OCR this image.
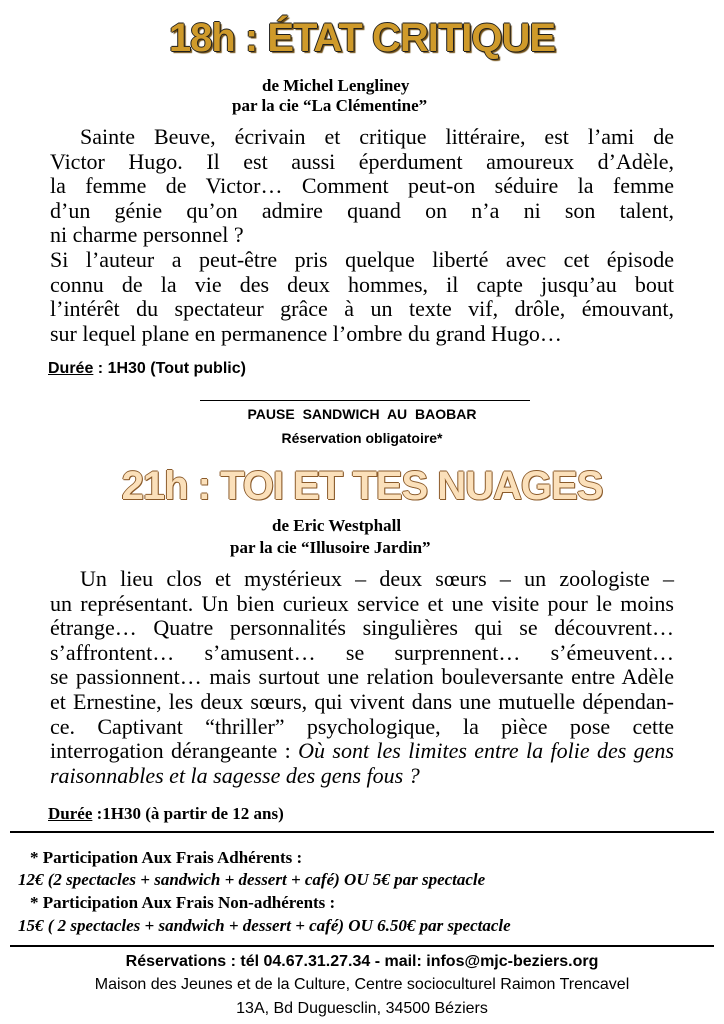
18h : ÉTAT CRITIQUE
de Michel Lengliney
par la cie “La Clémentine”
Sainte Beuve, écrivain et critique littéraire, est l’ami de
Victor Hugo. Il est aussi éperdument amoureux d’Adèle,
la femme de Victor… Comment peut-on séduire la femme
d’un génie qu’on admire quand on n’a ni son talent,
ni charme personnel ?
Si l’auteur a peut-être pris quelque liberté avec cet épisode
connu de la vie des deux hommes, il capte jusqu’au bout
l’intérêt du spectateur grâce à un texte vif, drôle, émouvant,
sur lequel plane en permanence l’ombre du grand Hugo…
Durée : 1H30 (Tout public)
PAUSE SANDWICH AU BAOBAR
Réservation obligatoire*
21h : TOI ET TES NUAGES
de Eric Westphall
par la cie “Illusoire Jardin”
Un lieu clos et mystérieux – deux sœurs – un zoologiste –
un représentant. Un bien curieux service et une visite pour le moins
étrange… Quatre personnalités singulières qui se découvrent…
s’affrontent… s’amusent… se surprennent… s’émeuvent…
se passionnent… mais surtout une relation bouleversante entre Adèle
et Ernestine, les deux sœurs, qui vivent dans une mutuelle dépendan-
ce. Captivant “thriller” psychologique, la pièce pose cette
interrogation dérangeante : Où sont les limites entre la folie des gens
raisonnables et la sagesse des gens fous ?
Durée :1H30 (à partir de 12 ans)
* Participation Aux Frais Adhérents :
12€ (2 spectacles + sandwich + dessert + café) OU 5€ par spectacle
* Participation Aux Frais Non-adhérents :
15€ ( 2 spectacles + sandwich + dessert + café) OU 6.50€ par spectacle
Réservations : tél 04.67.31.27.34 - mail: infos@mjc-beziers.org
Maison des Jeunes et de la Culture, Centre socioculturel Raimon Trencavel
13A, Bd Duguesclin, 34500 Béziers
